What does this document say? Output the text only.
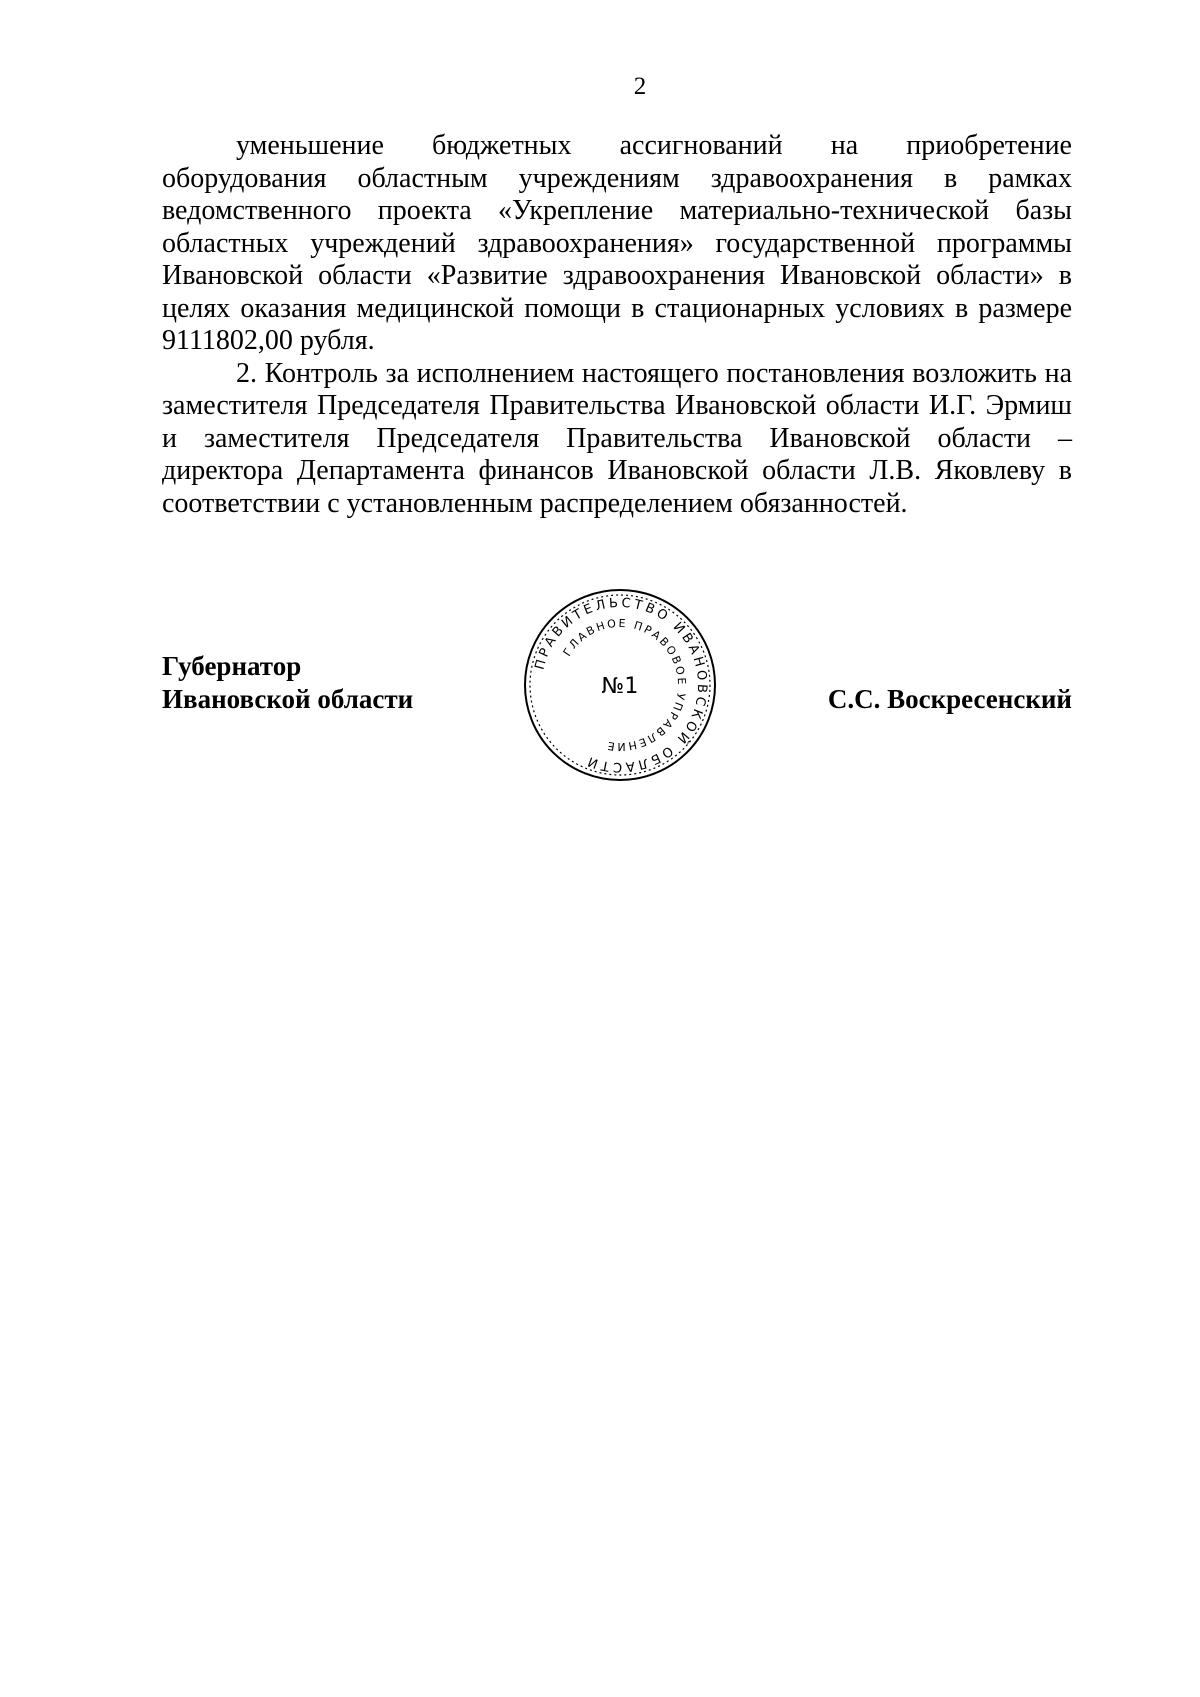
2

уменьшение бюджетных ассигнований на приобретение оборудования областным учреждениям здравоохранения в рамках ведомственного проекта «Укрепление материально-технической базы областных учреждений здравоохранения» государственной программы Ивановской области «Развитие здравоохранения Ивановской области» в целях оказания медицинской помощи в стационарных условиях в размере 9111802,00 рубля.

2. Контроль за исполнением настоящего постановления возложить на заместителя Председателя Правительства Ивановской области И.Г. Эрмиш и заместителя Председателя Правительства Ивановской области – директора Департамента финансов Ивановской области Л.В. Яковлеву в соответствии с установленным распределением обязанностей.

Губернатор
Ивановской области	С.С. Воскресенский
ПРАВИТЕЛЬСТВО ИВАНОВСКОЙ ОБЛАСТИ
ГЛАВНОЕ ПРАВОВОЕ УПРАВЛЕНИЕ
№1
